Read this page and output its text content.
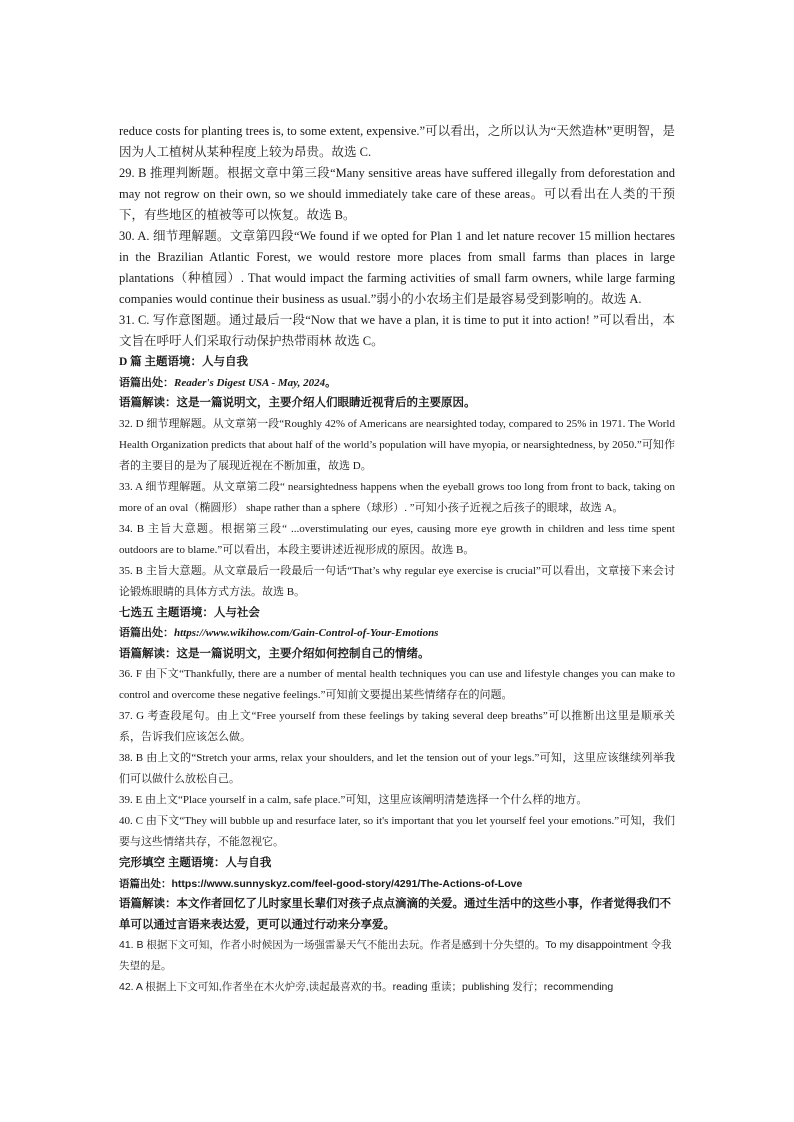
reduce costs for planting trees is, to some extent, expensive.”可以看出，之所以认为“天然造林”更明智，是因为人工植树从某种程度上较为昂贵。故选 C.

29. B 推理判断题。根据文章中第三段“Many sensitive areas have suffered illegally from deforestation and may not regrow on their own, so we should immediately take care of these areas。可以看出在人类的干预下，有些地区的植被等可以恢复。故选 B。

30. A. 细节理解题。文章第四段“We found if we opted for Plan 1 and let nature recover 15 million hectares in the Brazilian Atlantic Forest, we would restore more places from small farms than places in large plantations（种植园）. That would impact the farming activities of small farm owners, while large farming companies would continue their business as usual.”弱小的小农场主们是最容易受到影响的。故选 A.

31. C. 写作意图题。通过最后一段“Now that we have a plan, it is time to put it into action! ”可以看出，本文旨在呼吁人们采取行动保护热带雨林 故选 C。

D 篇 主题语境：人与自我

语篇出处：Reader's Digest USA - May, 2024。

语篇解读：这是一篇说明文，主要介绍人们眼睛近视背后的主要原因。

32. D 细节理解题。从文章第一段“Roughly 42% of Americans are nearsighted today, compared to 25% in 1971. The World Health Organization predicts that about half of the world’s population will have myopia, or nearsightedness, by 2050.”可知作者的主要目的是为了展现近视在不断加重，故选 D。

33. A 细节理解题。从文章第二段“ nearsightedness happens when the eyeball grows too long from front to back, taking on more of an oval（椭圆形） shape rather than a sphere（球形）. ”可知小孩子近视之后孩子的眼球，故选 A。

34. B 主旨大意题。根据第三段“ ...overstimulating our eyes, causing more eye growth in children and less time spent outdoors are to blame.”可以看出，本段主要讲述近视形成的原因。故选 B。

35. B 主旨大意题。从文章最后一段最后一句话“That’s why regular eye exercise is crucial”可以看出，文章接下来会讨论锻炼眼睛的具体方式方法。故选 B。

七选五 主题语境：人与社会

语篇出处：https://www.wikihow.com/Gain-Control-of-Your-Emotions

语篇解读：这是一篇说明文，主要介绍如何控制自己的情绪。

36. F 由下文“Thankfully, there are a number of mental health techniques you can use and lifestyle changes you can make to control and overcome these negative feelings.”可知前文要提出某些情绪存在的问题。

37. G 考查段尾句。由上文“Free yourself from these feelings by taking several deep breaths”可以推断出这里是顺承关系，告诉我们应该怎么做。

38. B 由上文的“Stretch your arms, relax your shoulders, and let the tension out of your legs.”可知，这里应该继续列举我们可以做什么放松自己。

39. E 由上文“Place yourself in a calm, safe place.”可知，这里应该阐明清楚选择一个什么样的地方。

40. C 由下文“They will bubble up and resurface later, so it's important that you let yourself feel your emotions.”可知，我们要与这些情绪共存，不能忽视它。

完形填空 主题语境：人与自我

语篇出处：https://www.sunnyskyz.com/feel-good-story/4291/The-Actions-of-Love

语篇解读：本文作者回忆了儿时家里长辈们对孩子点点滴滴的关爱。通过生活中的这些小事，作者觉得我们不单可以通过言语来表达爱，更可以通过行动来分享爱。

41. B 根据下文可知，作者小时候因为一场强雷暴天气不能出去玩。作者是感到十分失望的。To my disappointment 令我失望的是。

42. A 根据上下文可知,作者坐在木火炉旁,读起最喜欢的书。reading 重读；publishing 发行；recommending
